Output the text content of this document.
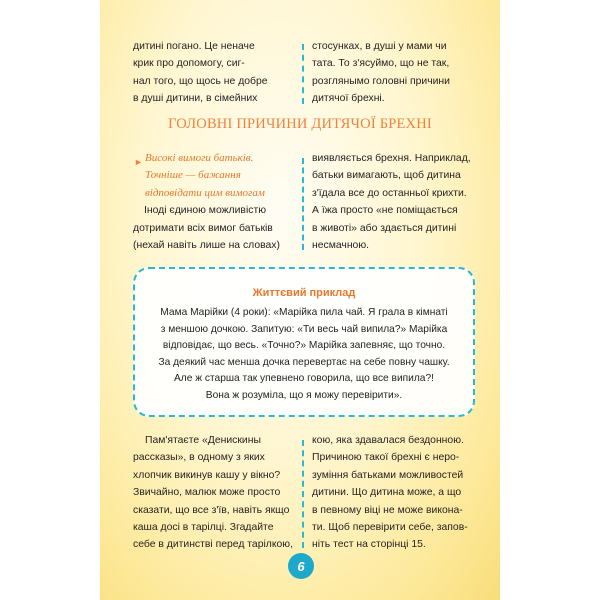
дитині погано. Це неначе

крик про допомогу, сиг-

нал того, що щось не добре

в душі дитини, в сімейних

стосунках, в душі у мами чи

тата. То з'ясуймо, що не так,

розглянымо головні причини

дитячої брехні.

ГОЛОВНІ ПРИЧИНИ ДИТЯЧОЇ БРЕХНІ
► Високі вимоги батьків.

Точніше — бажання

відповідати цим вимогам

Іноді єдиною можливістю

дотримати всіх вимог батьків

(нехай навіть лише на словах)

виявляється брехня. Наприклад,

батьки вимагають, щоб дитина

з'їдала все до останньої крихти.

А їжа просто «не поміщається

в животі» або здається дитині

несмачною.

Життєвий приклад

Мама Марійки (4 роки): «Марійка пила чай. Я грала в кімнаті

з меншою дочкою. Запитую: «Ти весь чай випила?» Марійка

відповідає, що весь. «Точно?» Марійка запевняє, що точно.

За деякий час менша дочка перевертає на себе повну чашку.

Але ж старша так упевнено говорила, що все випила?!

Вона ж розуміла, що я можу перевірити».

Пам'ятаєте «Денискины

рассказы», в одному з яких

хлопчик викинув кашу у вікно?

Звичайно, малюк може просто

сказати, що все з'їв, навіть якщо

каша досі в тарілці. Згадайте

себе в дитинстві перед тарілкою,

кою, яка здавалася бездонною.

Причиною такої брехні є неро-

зуміння батьками можливостей

дитини. Що дитина може, а що

в певному віці не може викона-

ти. Щоб перевірити себе, запов-

ніть тест на сторінці 15.

6
